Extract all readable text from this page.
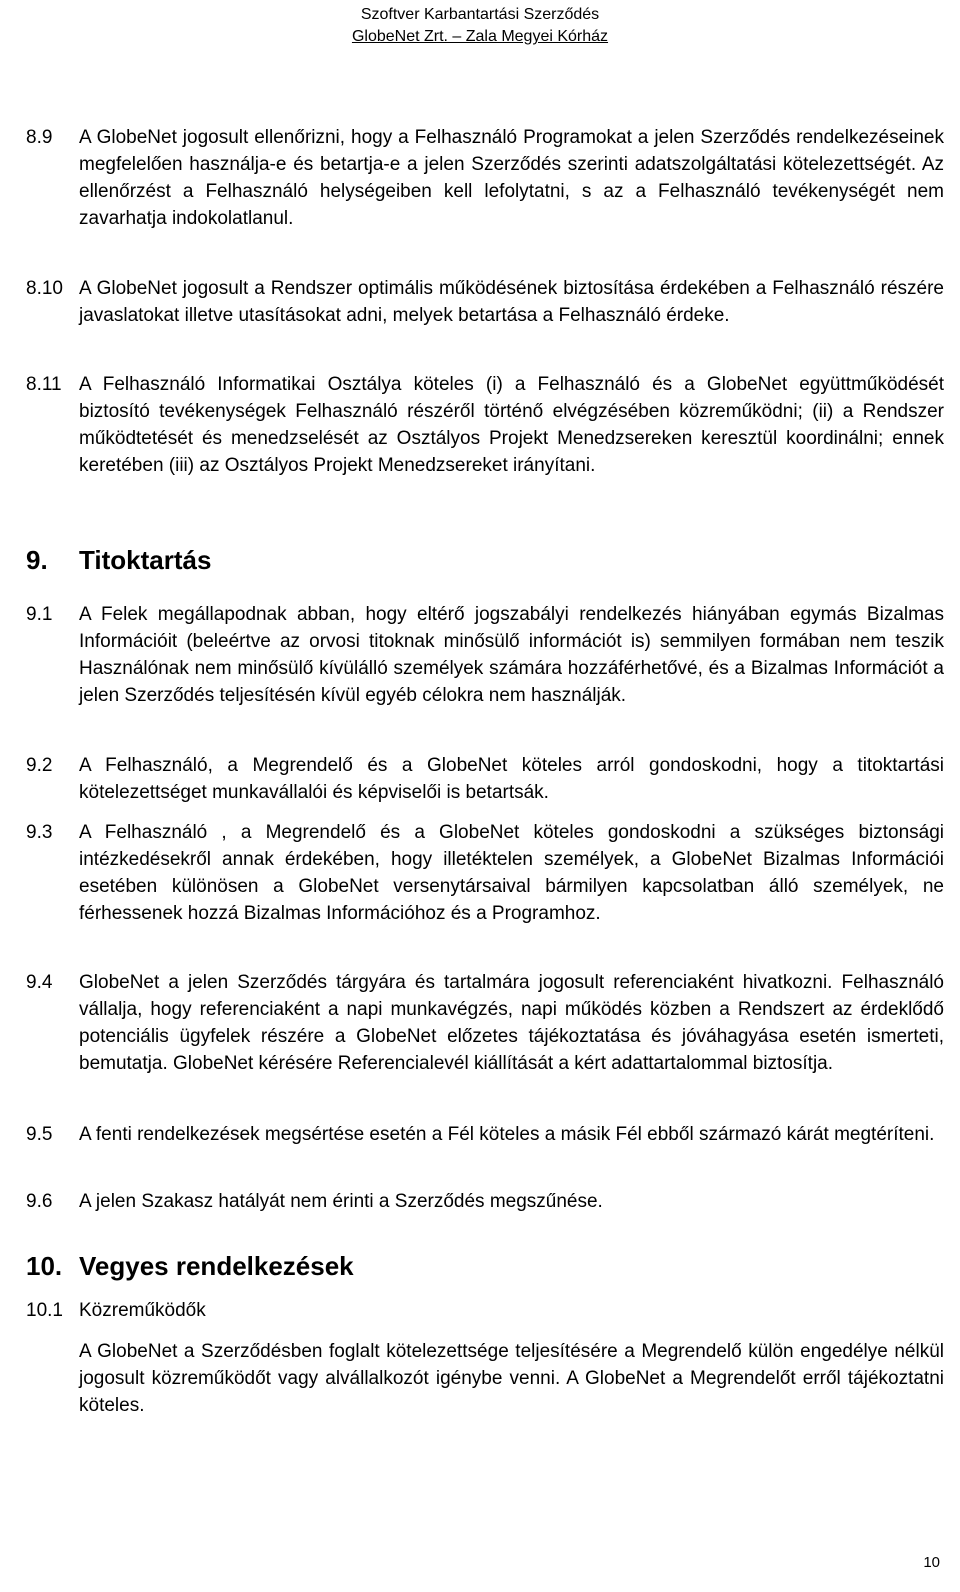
Szoftver Karbantartási Szerződés
GlobeNet Zrt. – Zala Megyei Kórház
8.9 A GlobeNet jogosult ellenőrizni, hogy a Felhasználó Programokat a jelen Szerződés rendelkezéseinek megfelelően használja-e és betartja-e a jelen Szerződés szerinti adatszolgáltatási kötelezettségét. Az ellenőrzést a Felhasználó helységeiben kell lefolytatni, s az a Felhasználó tevékenységét nem zavarhatja indokolatlanul.
8.10 A GlobeNet jogosult a Rendszer optimális működésének biztosítása érdekében a Felhasználó részére javaslatokat illetve utasításokat adni, melyek betartása a Felhasználó érdeke.
8.11 A Felhasználó Informatikai Osztálya köteles (i) a Felhasználó és a GlobeNet együttműködését biztosító tevékenységek Felhasználó részéről történő elvégzésében közreműködni; (ii) a Rendszer működtetését és menedzselését az Osztályos Projekt Menedzsereken keresztül koordinálni; ennek keretében (iii) az Osztályos Projekt Menedzsereket irányítani.
9. Titoktartás
9.1 A Felek megállapodnak abban, hogy eltérő jogszabályi rendelkezés hiányában egymás Bizalmas Információit (beleértve az orvosi titoknak minősülő információt is) semmilyen formában nem teszik Használónak nem minősülő kívülálló személyek számára hozzáférhetővé, és a Bizalmas Információt a jelen Szerződés teljesítésén kívül egyéb célokra nem használják.
9.2 A Felhasználó, a Megrendelő és a GlobeNet köteles arról gondoskodni, hogy a titoktartási kötelezettséget munkavállalói és képviselői is betartsák.
9.3 A Felhasználó , a Megrendelő és a GlobeNet köteles gondoskodni a szükséges biztonsági intézkedésekről annak érdekében, hogy illetéktelen személyek, a GlobeNet Bizalmas Információi esetében különösen a GlobeNet versenytársaival bármilyen kapcsolatban álló személyek, ne férhessenek hozzá Bizalmas Információhoz és a Programhoz.
9.4 GlobeNet a jelen Szerződés tárgyára és tartalmára jogosult referenciaként hivatkozni. Felhasználó vállalja, hogy referenciaként a napi munkavégzés, napi működés közben a Rendszert az érdeklődő potenciális ügyfelek részére a GlobeNet előzetes tájékoztatása és jóváhagyása esetén ismerteti, bemutatja. GlobeNet kérésére Referencialevél kiállítását a kért adattartalommal biztosítja.
9.5 A fenti rendelkezések megsértése esetén a Fél köteles a másik Fél ebből származó kárát megtéríteni.
9.6 A jelen Szakasz hatályát nem érinti a Szerződés megszűnése.
10. Vegyes rendelkezések
10.1 Közreműködők
A GlobeNet a Szerződésben foglalt kötelezettsége teljesítésére a Megrendelő külön engedélye nélkül jogosult közreműködőt vagy alvállalkozót igénybe venni. A GlobeNet a Megrendelőt erről tájékoztatni köteles.
10
